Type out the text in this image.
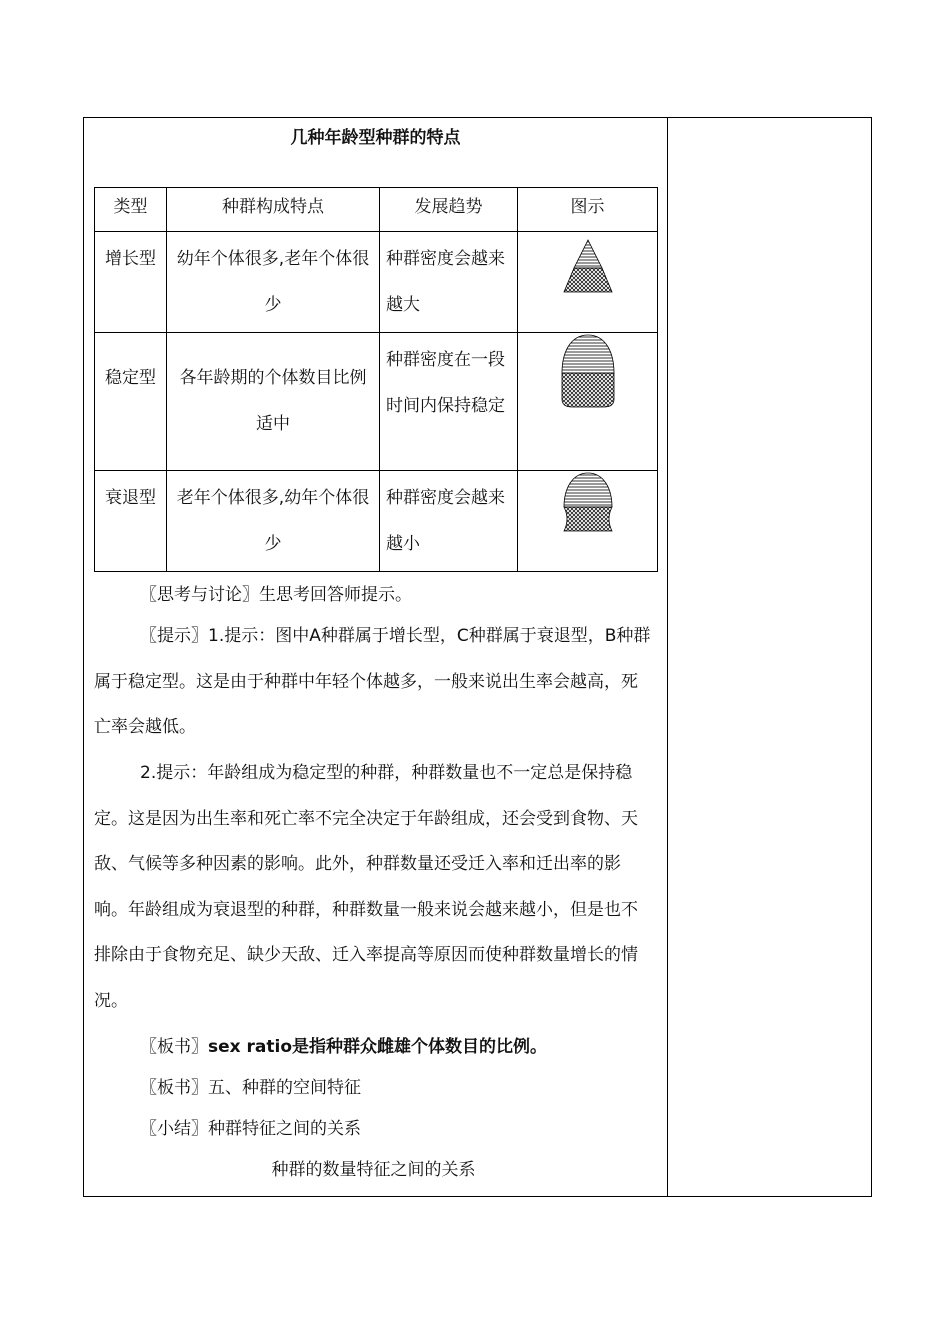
几种年龄型种群的特点
类型	种群构成特点	发展趋势	图示
增长型	幼年个体很多,老年个体很少	种群密度会越来越大	

稳定型	各年龄期的个体数目比例适中	种群密度在一段时间内保持稳定	

衰退型	老年个体很多,幼年个体很少	种群密度会越来越小	
〖思考与讨论〗生思考回答师提示。
〖提示〗1.提示：图中A种群属于增长型，C种群属于衰退型，B种群属于稳定型。这是由于种群中年轻个体越多，一般来说出生率会越高，死亡率会越低。
2.提示：年龄组成为稳定型的种群，种群数量也不一定总是保持稳定。这是因为出生率和死亡率不完全决定于年龄组成，还会受到食物、天敌、气候等多种因素的影响。此外，种群数量还受迁入率和迁出率的影响。年龄组成为衰退型的种群，种群数量一般来说会越来越小，但是也不排除由于食物充足、缺少天敌、迁入率提高等原因而使种群数量增长的情况。
〖板书〗sex ratio是指种群众雌雄个体数目的比例。
〖板书〗五、种群的空间特征
〖小结〗种群特征之间的关系
种群的数量特征之间的关系
